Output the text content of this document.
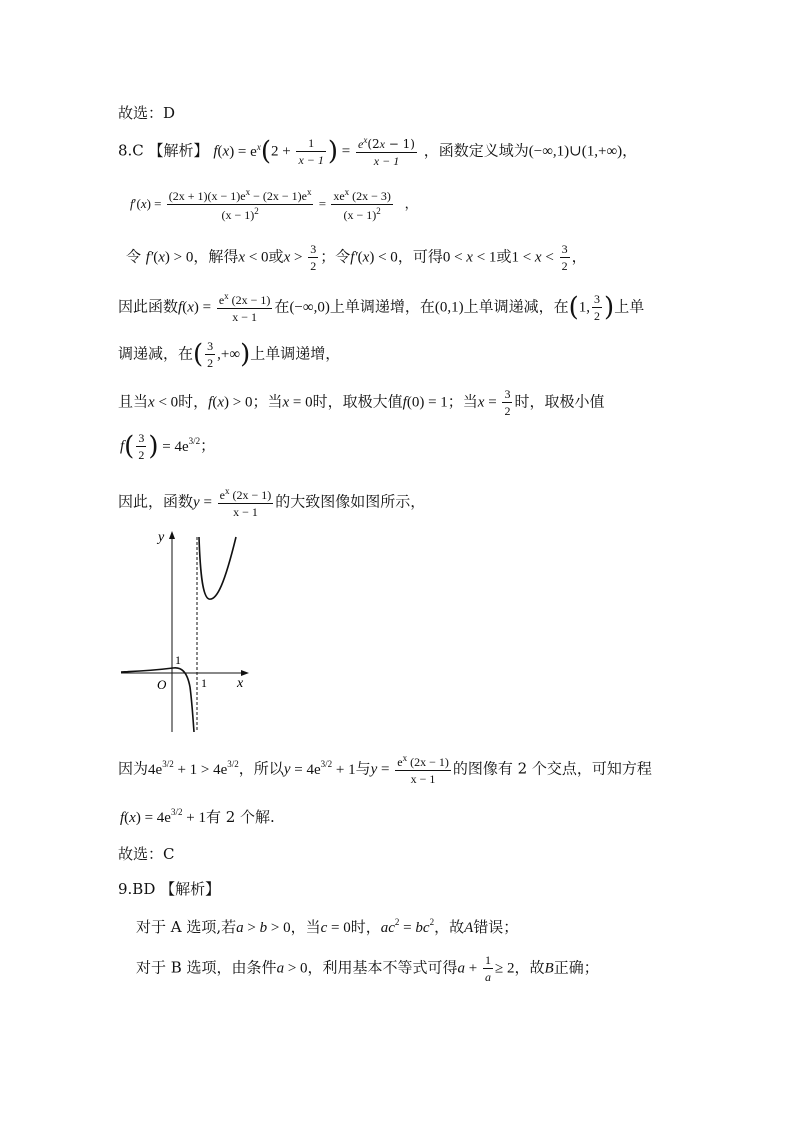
故选：D
8.C 【解析】 $f(x) = e^x(2 + \frac{1}{x - 1}$ ) = $\frac{e^x(2x - 1)}{x - 1}$ ，函数定义域为(−∞,1)∪(1,+∞)，
$f'(x) = \frac{(2x + 1)(x - 1)e^x - (2x - 1)e^x}{(x - 1)^2} = \frac{xe^x (2x - 3)}{(x - 1)^2}$ ，
令 f′(x) > 0，解得x < 0或$x > \frac{3}{2}$ ；令f′(x) < 0，可得0 < x < 1或$1 < x < \frac{3}{2}$ ，
因此函数$f(x) = \frac{e^x (2x - 1)}{x - 1}$ 在(−∞,0)上单调递增，在(0,1)上单调递减，在(1, $\frac{3}{2}$ )上单
调递减，在( $\frac{3}{2}$ ,+∞)上单调递增，
且当x < 0时，f(x) > 0；当x = 0时，取极大值f(0) = 1；当$x = \frac{3}{2}$ 时，取极小值
$f( \frac{3}{2}$ ) = $4e^{3/2}$；
因此，函数$y = \frac{e^x (2x - 1)}{x - 1}$ 的大致图像如图所示，
y
x
O
1
1
因为$4e^{3/2} + 1 > 4e^{3/2}$，所以$y = 4e^{3/2} + 1$与$y = \frac{e^x (2x - 1)}{x - 1}$ 的图像有 2 个交点，可知方程
$f(x) = 4e^{3/2} + 1$有 2 个解.
故选：C
9.BD 【解析】
对于 A 选项,若a > b > 0，当c = 0时，$ac^2 = bc^2$，故A错误；
对于 B 选项，由条件a > 0，利用基本不等式可得$a + \frac{1}{a} \ge 2$，故B正确；
